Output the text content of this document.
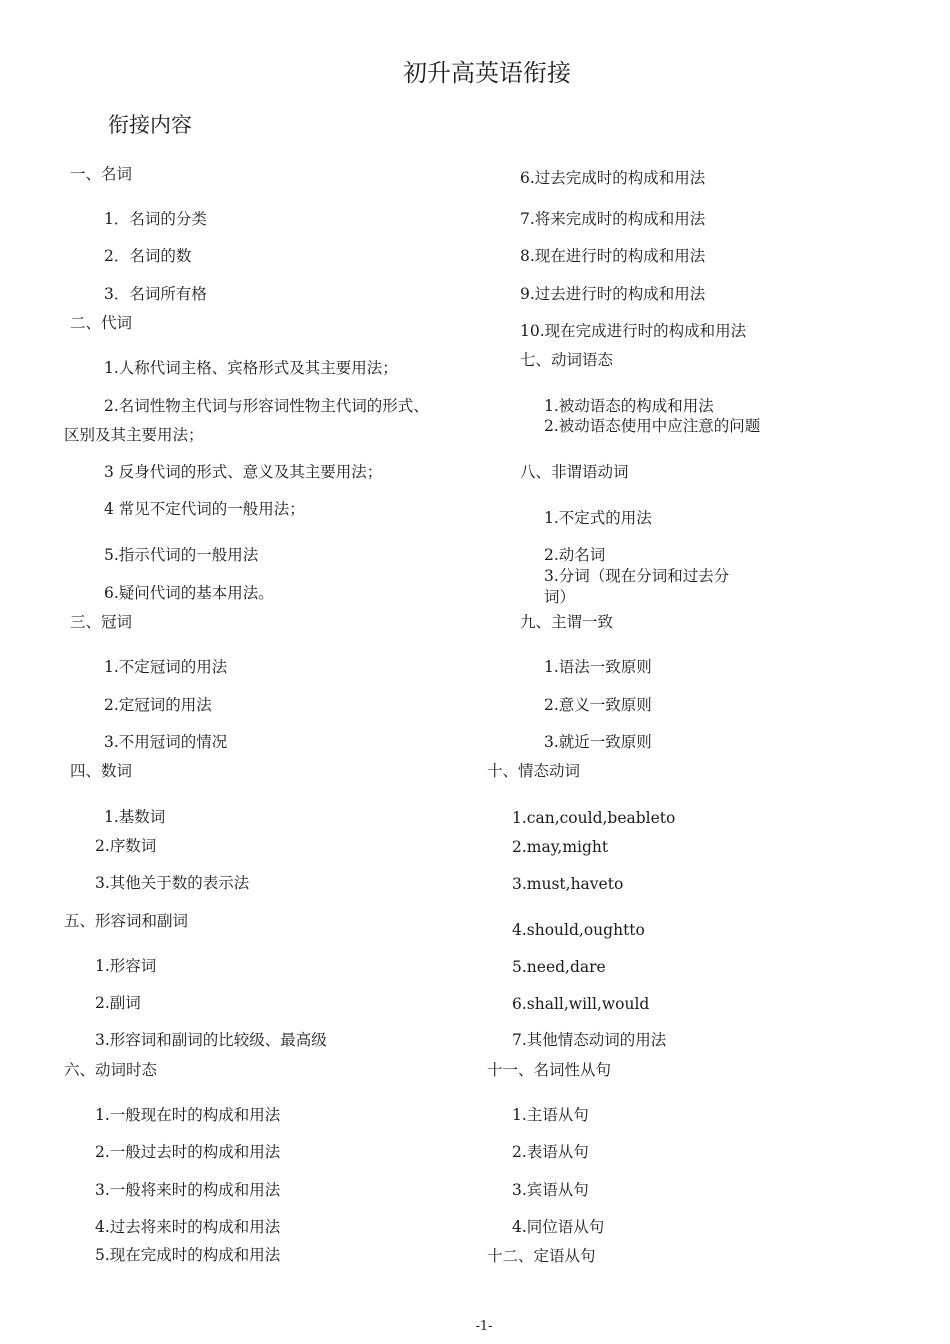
初升高英语衔接
衔接内容
一、名词
1．名词的分类
2．名词的数
3．名词所有格
二、代词
1.人称代词主格、宾格形式及其主要用法；
2.名词性物主代词与形容词性物主代词的形式、
区别及其主要用法；
3 反身代词的形式、意义及其主要用法；
4 常见不定代词的一般用法；
5.指示代词的一般用法
6.疑问代词的基本用法。
三、冠词
1.不定冠词的用法
2.定冠词的用法
3.不用冠词的情况
四、数词
1.基数词
2.序数词
3.其他关于数的表示法
五、形容词和副词
1.形容词
2.副词
3.形容词和副词的比较级、最高级
六、动词时态
1.一般现在时的构成和用法
2.一般过去时的构成和用法
3.一般将来时的构成和用法
4.过去将来时的构成和用法
5.现在完成时的构成和用法
6.过去完成时的构成和用法
7.将来完成时的构成和用法
8.现在进行时的构成和用法
9.过去进行时的构成和用法
10.现在完成进行时的构成和用法
七、动词语态
1.被动语态的构成和用法
2.被动语态使用中应注意的问题
八、非谓语动词
1.不定式的用法
2.动名词
3.分词（现在分词和过去分词）
九、主谓一致
1.语法一致原则
2.意义一致原则
3.就近一致原则
十、情态动词
1.can,could,beableto
2.may,might
3.must,haveto
4.should,oughtto
5.need,dare
6.shall,will,would
7.其他情态动词的用法
十一、名词性从句
1.主语从句
2.表语从句
3.宾语从句
4.同位语从句
十二、定语从句
-1-
